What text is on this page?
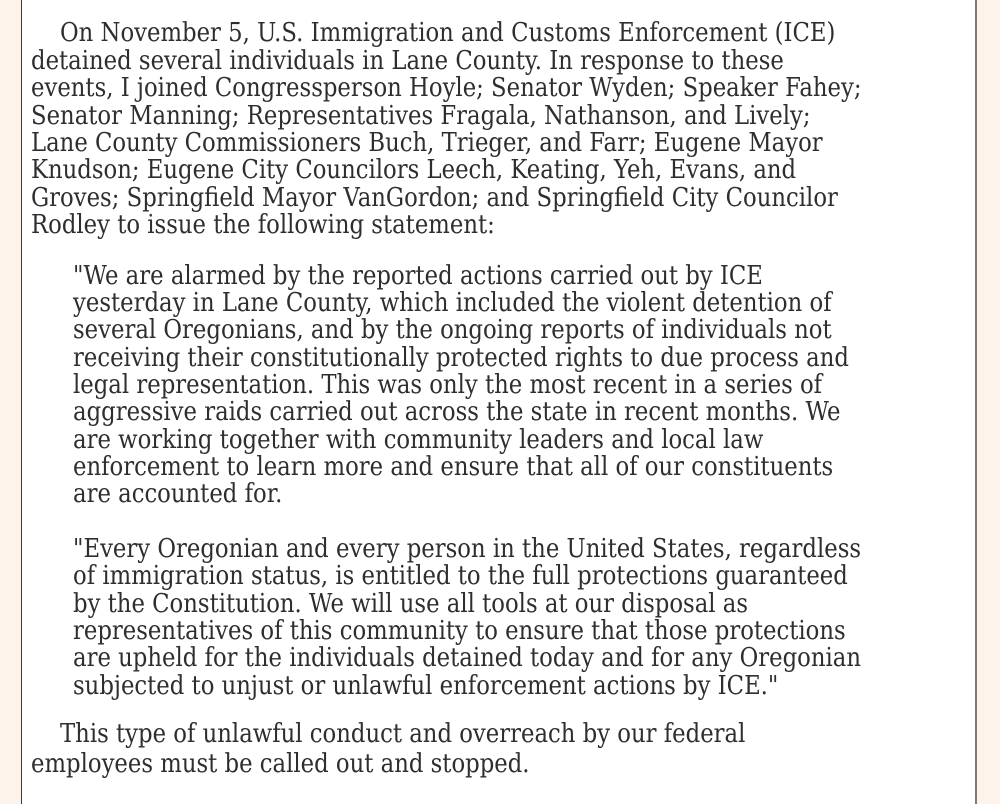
On November 5, U.S. Immigration and Customs Enforcement (ICE)
detained several individuals in Lane County. In response to these
events, I joined Congressperson Hoyle; Senator Wyden; Speaker Fahey;
Senator Manning; Representatives Fragala, Nathanson, and Lively;
Lane County Commissioners Buch, Trieger, and Farr; Eugene Mayor
Knudson; Eugene City Councilors Leech, Keating, Yeh, Evans, and
Groves; Springfield Mayor VanGordon; and Springfield City Councilor
Rodley to issue the following statement:
"We are alarmed by the reported actions carried out by ICE
yesterday in Lane County, which included the violent detention of
several Oregonians, and by the ongoing reports of individuals not
receiving their constitutionally protected rights to due process and
legal representation. This was only the most recent in a series of
aggressive raids carried out across the state in recent months. We
are working together with community leaders and local law
enforcement to learn more and ensure that all of our constituents
are accounted for.
"Every Oregonian and every person in the United States, regardless
of immigration status, is entitled to the full protections guaranteed
by the Constitution. We will use all tools at our disposal as
representatives of this community to ensure that those protections
are upheld for the individuals detained today and for any Oregonian
subjected to unjust or unlawful enforcement actions by ICE."
This type of unlawful conduct and overreach by our federal
employees must be called out and stopped.
